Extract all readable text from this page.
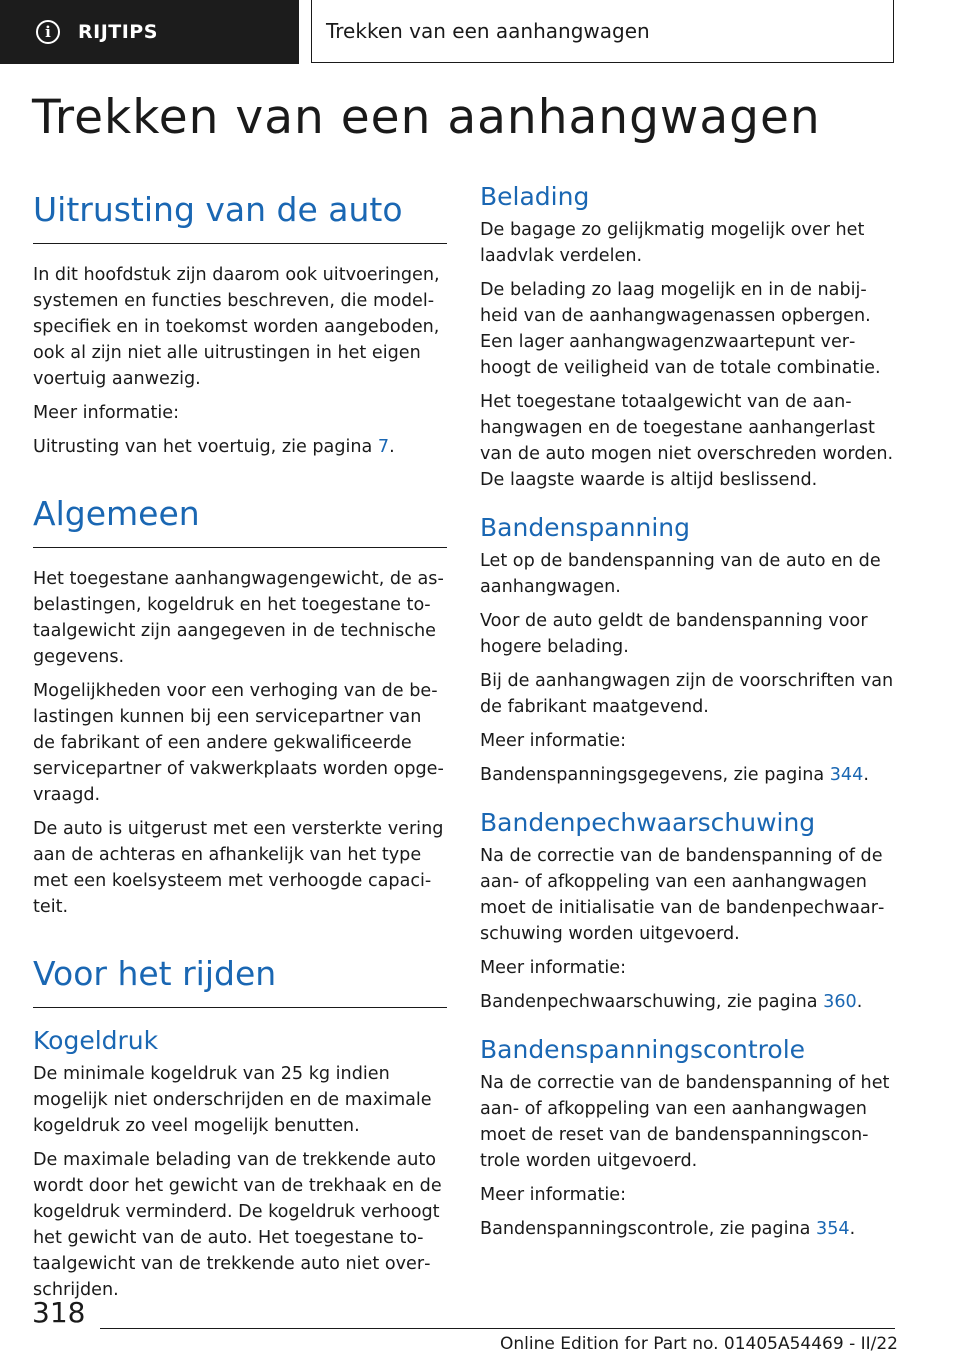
i	RIJTIPS	Trekken van een aanhangwagen
Trekken van een aanhangwagen
Uitrusting van de auto

In dit hoofdstuk zijn daarom ook uitvoeringen, systemen en functies beschreven, die modelspecifiek en in toekomst worden aangeboden, ook al zijn niet alle uitrustingen in het eigen voertuig aanwezig.

Meer informatie:

Uitrusting van het voertuig, zie pagina 7.

Algemeen

Het toegestane aanhangwagengewicht, de asbelastingen, kogeldruk en het toegestane totaalgewicht zijn aangegeven in de technische gegevens.

Mogelijkheden voor een verhoging van de belastingen kunnen bij een servicepartner van de fabrikant of een andere gekwalificeerde servicepartner of vakwerkplaats worden opgevraagd.

De auto is uitgerust met een versterkte vering aan de achteras en afhankelijk van het type met een koelsysteem met verhoogde capaciteit.

Voor het rijden
Kogeldruk

De minimale kogeldruk van 25 kg indien mogelijk niet onderschrijden en de maximale kogeldruk zo veel mogelijk benutten.

De maximale belading van de trekkende auto wordt door het gewicht van de trekhaak en de kogeldruk verminderd. De kogeldruk verhoogt het gewicht van de auto. Het toegestane totaalgewicht van de trekkende auto niet overschrijden.

Belading

De bagage zo gelijkmatig mogelijk over het laadvlak verdelen.

De belading zo laag mogelijk en in de nabijheid van de aanhangwagenassen opbergen. Een lager aanhangwagenzwaartepunt verhoogt de veiligheid van de totale combinatie.

Het toegestane totaalgewicht van de aanhangwagen en de toegestane aanhangerlast van de auto mogen niet overschreden worden. De laagste waarde is altijd beslissend.

Bandenspanning

Let op de bandenspanning van de auto en de aanhangwagen.

Voor de auto geldt de bandenspanning voor hogere belading.

Bij de aanhangwagen zijn de voorschriften van de fabrikant maatgevend.

Meer informatie:

Bandenspanningsgegevens, zie pagina 344.

Bandenpechwaarschuwing

Na de correctie van de bandenspanning of de aan- of afkoppeling van een aanhangwagen moet de initialisatie van de bandenpechwaarschuwing worden uitgevoerd.

Meer informatie:

Bandenpechwaarschuwing, zie pagina 360.

Bandenspanningscontrole

Na de correctie van de bandenspanning of het aan- of afkoppeling van een aanhangwagen moet de reset van de bandenspanningscontrole worden uitgevoerd.

Meer informatie:

Bandenspanningscontrole, zie pagina 354.

318
Online Edition for Part no. 01405A54469 - II/22
